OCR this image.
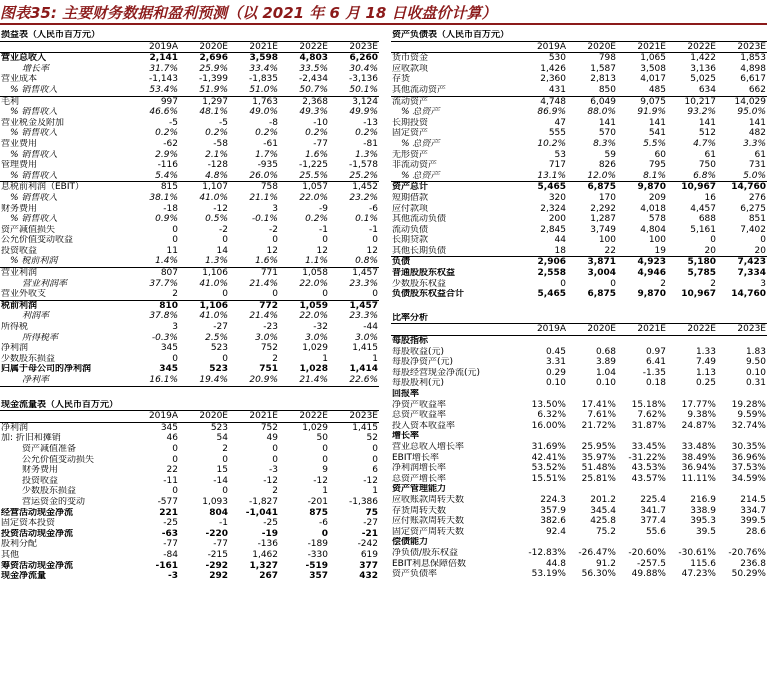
图表35: 主要财务数据和盈利预测（以 2021 年 6 月 18 日收盘价计算）
损益表（人民币百万元）					
	2019A	2020E	2021E	2022E	2023E
营业总收入	2,141	2,696	3,598	4,803	6,260
增长率	31.7%	25.9%	33.4%	33.5%	30.4%
营业成本	-1,143	-1,399	-1,835	-2,434	-3,136
% 销售收入	53.4%	51.9%	51.0%	50.7%	50.1%
毛利	997	1,297	1,763	2,368	3,124
% 销售收入	46.6%	48.1%	49.0%	49.3%	49.9%
营业税金及附加	-5	-5	-8	-10	-13
% 销售收入	0.2%	0.2%	0.2%	0.2%	0.2%
营业费用	-62	-58	-61	-77	-81
% 销售收入	2.9%	2.1%	1.7%	1.6%	1.3%
管理费用	-116	-128	-935	-1,225	-1,578
% 销售收入	5.4%	4.8%	26.0%	25.5%	25.2%
息税前利润（EBIT）	815	1,107	758	1,057	1,452
% 销售收入	38.1%	41.0%	21.1%	22.0%	23.2%
财务费用	-18	-12	3	-9	-6
% 销售收入	0.9%	0.5%	-0.1%	0.2%	0.1%
资产减值损失	0	-2	-2	-1	-1
公允价值变动收益	0	0	0	0	0
投资收益	11	14	12	12	12
% 税前利润	1.4%	1.3%	1.6%	1.1%	0.8%
营业利润	807	1,106	771	1,058	1,457
营业利润率	37.7%	41.0%	21.4%	22.0%	23.3%
营业外收支	2	0	0	0	0
税前利润	810	1,106	772	1,059	1,457
利润率	37.8%	41.0%	21.4%	22.0%	23.3%
所得税	3	-27	-23	-32	-44
所得税率	-0.3%	2.5%	3.0%	3.0%	3.0%
净利润	345	523	752	1,029	1,415
少数股东损益	0	0	2	1	1
归属于母公司的净利润	345	523	751	1,028	1,414
净利率	16.1%	19.4%	20.9%	21.4%	22.6%
现金流量表（人民币百万元）					
	2019A	2020E	2021E	2022E	2023E
净利润	345	523	752	1,029	1,415
加: 折旧和摊销	46	54	49	50	52
资产减值准备	0	2	0	0	0
公允价值变动损失	0	0	0	0	0
财务费用	22	15	-3	9	6
投资收益	-11	-14	-12	-12	-12
少数股东损益	0	0	2	1	1
营运资金的变动	-577	1,093	-1,827	-201	-1,386
经营活动现金净流	221	804	-1,041	875	75
固定资本投资	-25	-1	-25	-6	-27
投资活动现金净流	-63	-220	-19	0	-21
股利分配	-77	-77	-136	-189	-242
其他	-84	-215	1,462	-330	619
筹资活动现金净流	-161	-292	1,327	-519	377
现金净流量	-3	292	267	357	432
资产负债表（人民币百万元）					
	2019A	2020E	2021E	2022E	2023E
货币资金	530	798	1,065	1,422	1,853
应收款项	1,426	1,587	3,508	3,136	4,898
存货	2,360	2,813	4,017	5,025	6,617
其他流动资产	431	850	485	634	662
流动资产	4,748	6,049	9,075	10,217	14,029
% 总资产	86.9%	88.0%	91.9%	93.2%	95.0%
长期投资	47	141	141	141	141
固定资产	555	570	541	512	482
% 总资产	10.2%	8.3%	5.5%	4.7%	3.3%
无形资产	53	59	60	61	61
非流动资产	717	826	795	750	731
% 总资产	13.1%	12.0%	8.1%	6.8%	5.0%
资产总计	5,465	6,875	9,870	10,967	14,760
短期借款	320	170	209	16	276
应付款项	2,324	2,292	4,018	4,457	6,275
其他流动负债	200	1,287	578	688	851
流动负债	2,845	3,749	4,804	5,161	7,402
长期贷款	44	100	100	0	0
其他长期负债	18	22	19	20	20
负债	2,906	3,871	4,923	5,180	7,423
普通股股东权益	2,558	3,004	4,946	5,785	7,334
少数股东权益	0	0	2	2	3
负债股东权益合计	5,465	6,875	9,870	10,967	14,760
比率分析					
	2019A	2020E	2021E	2022E	2023E
每股指标					
每股收益(元)	0.45	0.68	0.97	1.33	1.83
每股净资产(元)	3.31	3.89	6.41	7.49	9.50
每股经营现金净流(元)	0.29	1.04	-1.35	1.13	0.10
每股股利(元)	0.10	0.10	0.18	0.25	0.31
回报率					
净资产收益率	13.50%	17.41%	15.18%	17.77%	19.28%
总资产收益率	6.32%	7.61%	7.62%	9.38%	9.59%
投入资本收益率	16.00%	21.72%	31.87%	24.87%	32.74%
增长率					
营业总收入增长率	31.69%	25.95%	33.45%	33.48%	30.35%
EBIT增长率	42.41%	35.97%	-31.22%	38.49%	36.96%
净利润增长率	53.52%	51.48%	43.53%	36.94%	37.53%
总资产增长率	15.51%	25.81%	43.57%	11.11%	34.59%
资产管理能力					
应收账款周转天数	224.3	201.2	225.4	216.9	214.5
存货周转天数	357.9	345.4	341.7	338.9	334.7
应付账款周转天数	382.6	425.8	377.4	395.3	399.5
固定资产周转天数	92.4	75.2	55.6	39.5	28.6
偿债能力					
净负债/股东权益	-12.83%	-26.47%	-20.60%	-30.61%	-20.76%
EBIT利息保障倍数	44.8	91.2	-257.5	115.6	236.8
资产负债率	53.19%	56.30%	49.88%	47.23%	50.29%
